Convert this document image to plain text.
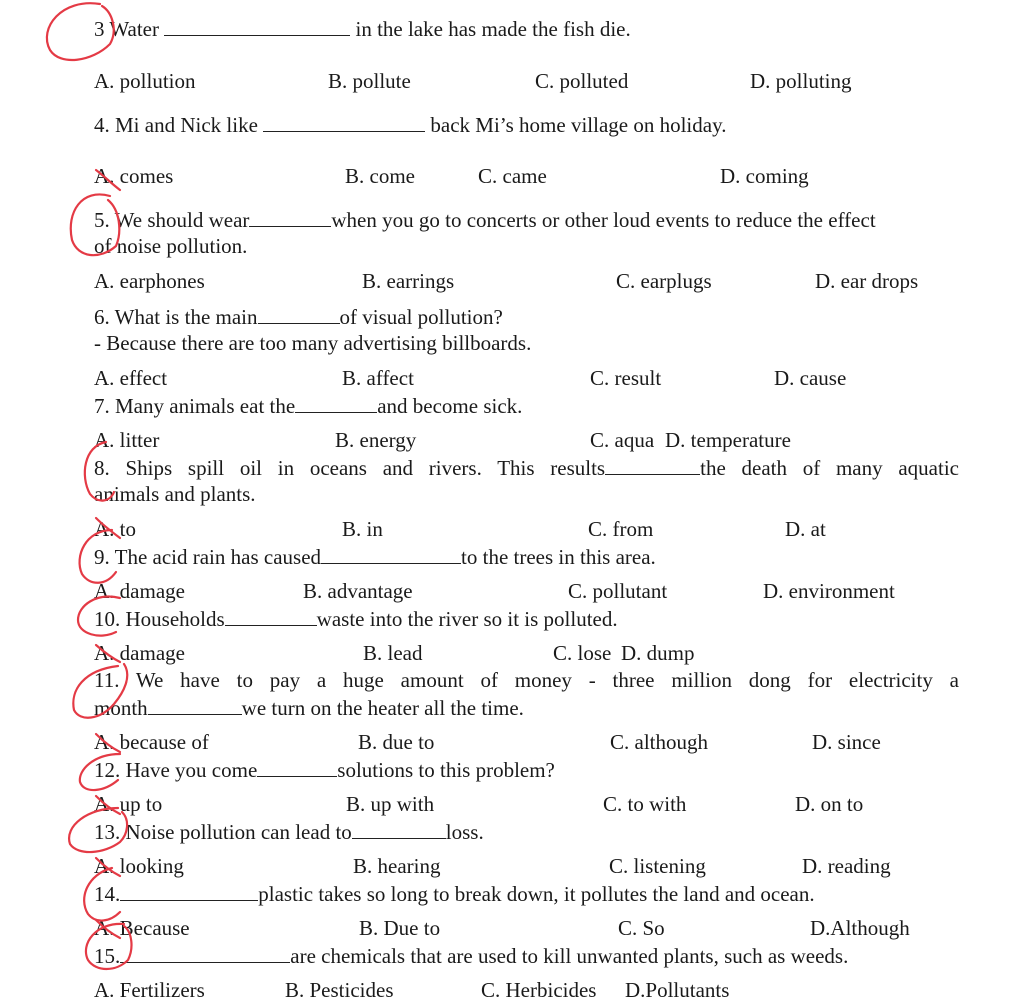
3 Water	in the lake has made the fish die.
A. pollution	B. pollute	C. polluted	D. polluting
4. Mi and Nick like	back Mi’s home village on holiday.
A. comes	B. come	C. came	D. coming
5. We should wear	when you go to concerts or other loud events to reduce the effect
of noise pollution.
A. earphones	B. earrings	C. earplugs	D. ear drops
6. What is the main	of visual pollution?
- Because there are too many advertising billboards.
A. effect	B. affect	C. result	D. cause
7. Many animals eat the	and become sick.
A. litter	B. energy	C. aqua D. temperature
8. Ships spill oil in oceans and rivers. This results	the death of many aquatic
animals and plants.
A. to	B. in	C. from	D. at
9. The acid rain has caused	to the trees in this area.
A. damage	B. advantage	C. pollutant	D. environment
10. Households	waste into the river so it is polluted.
A. damage	B. lead	C. lose D. dump
11. We have to pay a huge amount of money - three million dong for electricity a
month	we turn on the heater all the time.
A. because of	B. due to	C. although	D. since
12. Have you come	solutions to this problem?
A. up to	B. up with	C. to with	D. on to
13. Noise pollution can lead to	loss.
A. looking	B. hearing	C. listening	D. reading
14.	plastic takes so long to break down, it pollutes the land and ocean.
A. Because	B. Due to	C. So	D.Although
15.	are chemicals that are used to kill unwanted plants, such as weeds.
A. Fertilizers	B. Pesticides	C. Herbicides D.Pollutants
